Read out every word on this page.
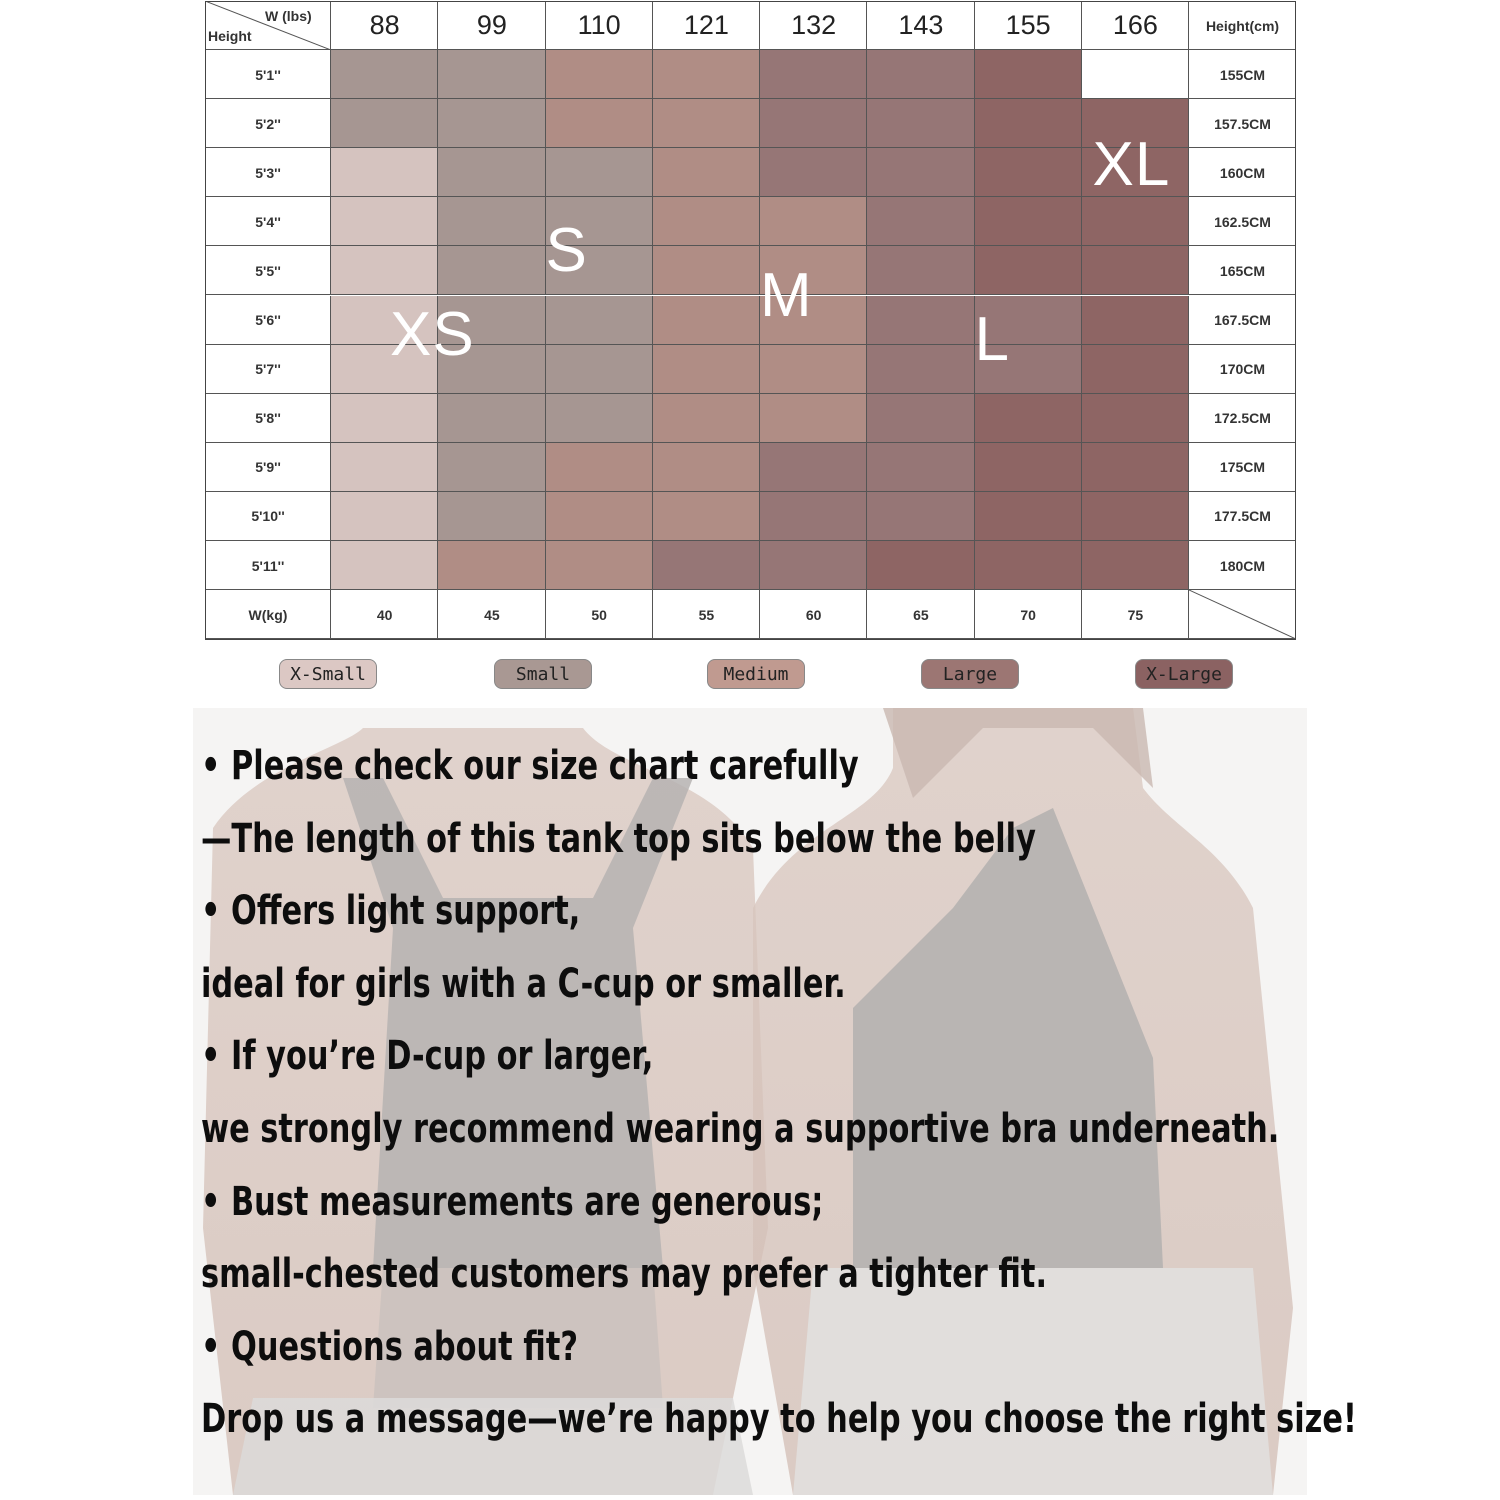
W (lbs)
Height	88	99	110	121	132	143	155	166	Height(cm)
5'1''	155CM
5'2''	157.5CM
5'3''	160CM
5'4''	162.5CM
5'5''	165CM
5'6''	167.5CM
5'7''	170CM
5'8''	172.5CM
5'9''	175CM
5'10''	177.5CM
5'11''	180CM
W(kg)	40	45	50	55	60	65	70	75
XS
S
M
L
XL
X-Small	Small	Medium	Large	X-Large
• Please check our size chart carefully
—The length of this tank top sits below the belly
• Offers light support,
ideal for girls with a C-cup or smaller.
• If you’re D-cup or larger,
we strongly recommend wearing a supportive bra underneath.
• Bust measurements are generous;
small-chested customers may prefer a tighter fit.
• Questions about fit?
Drop us a message—we’re happy to help you choose the right size!
